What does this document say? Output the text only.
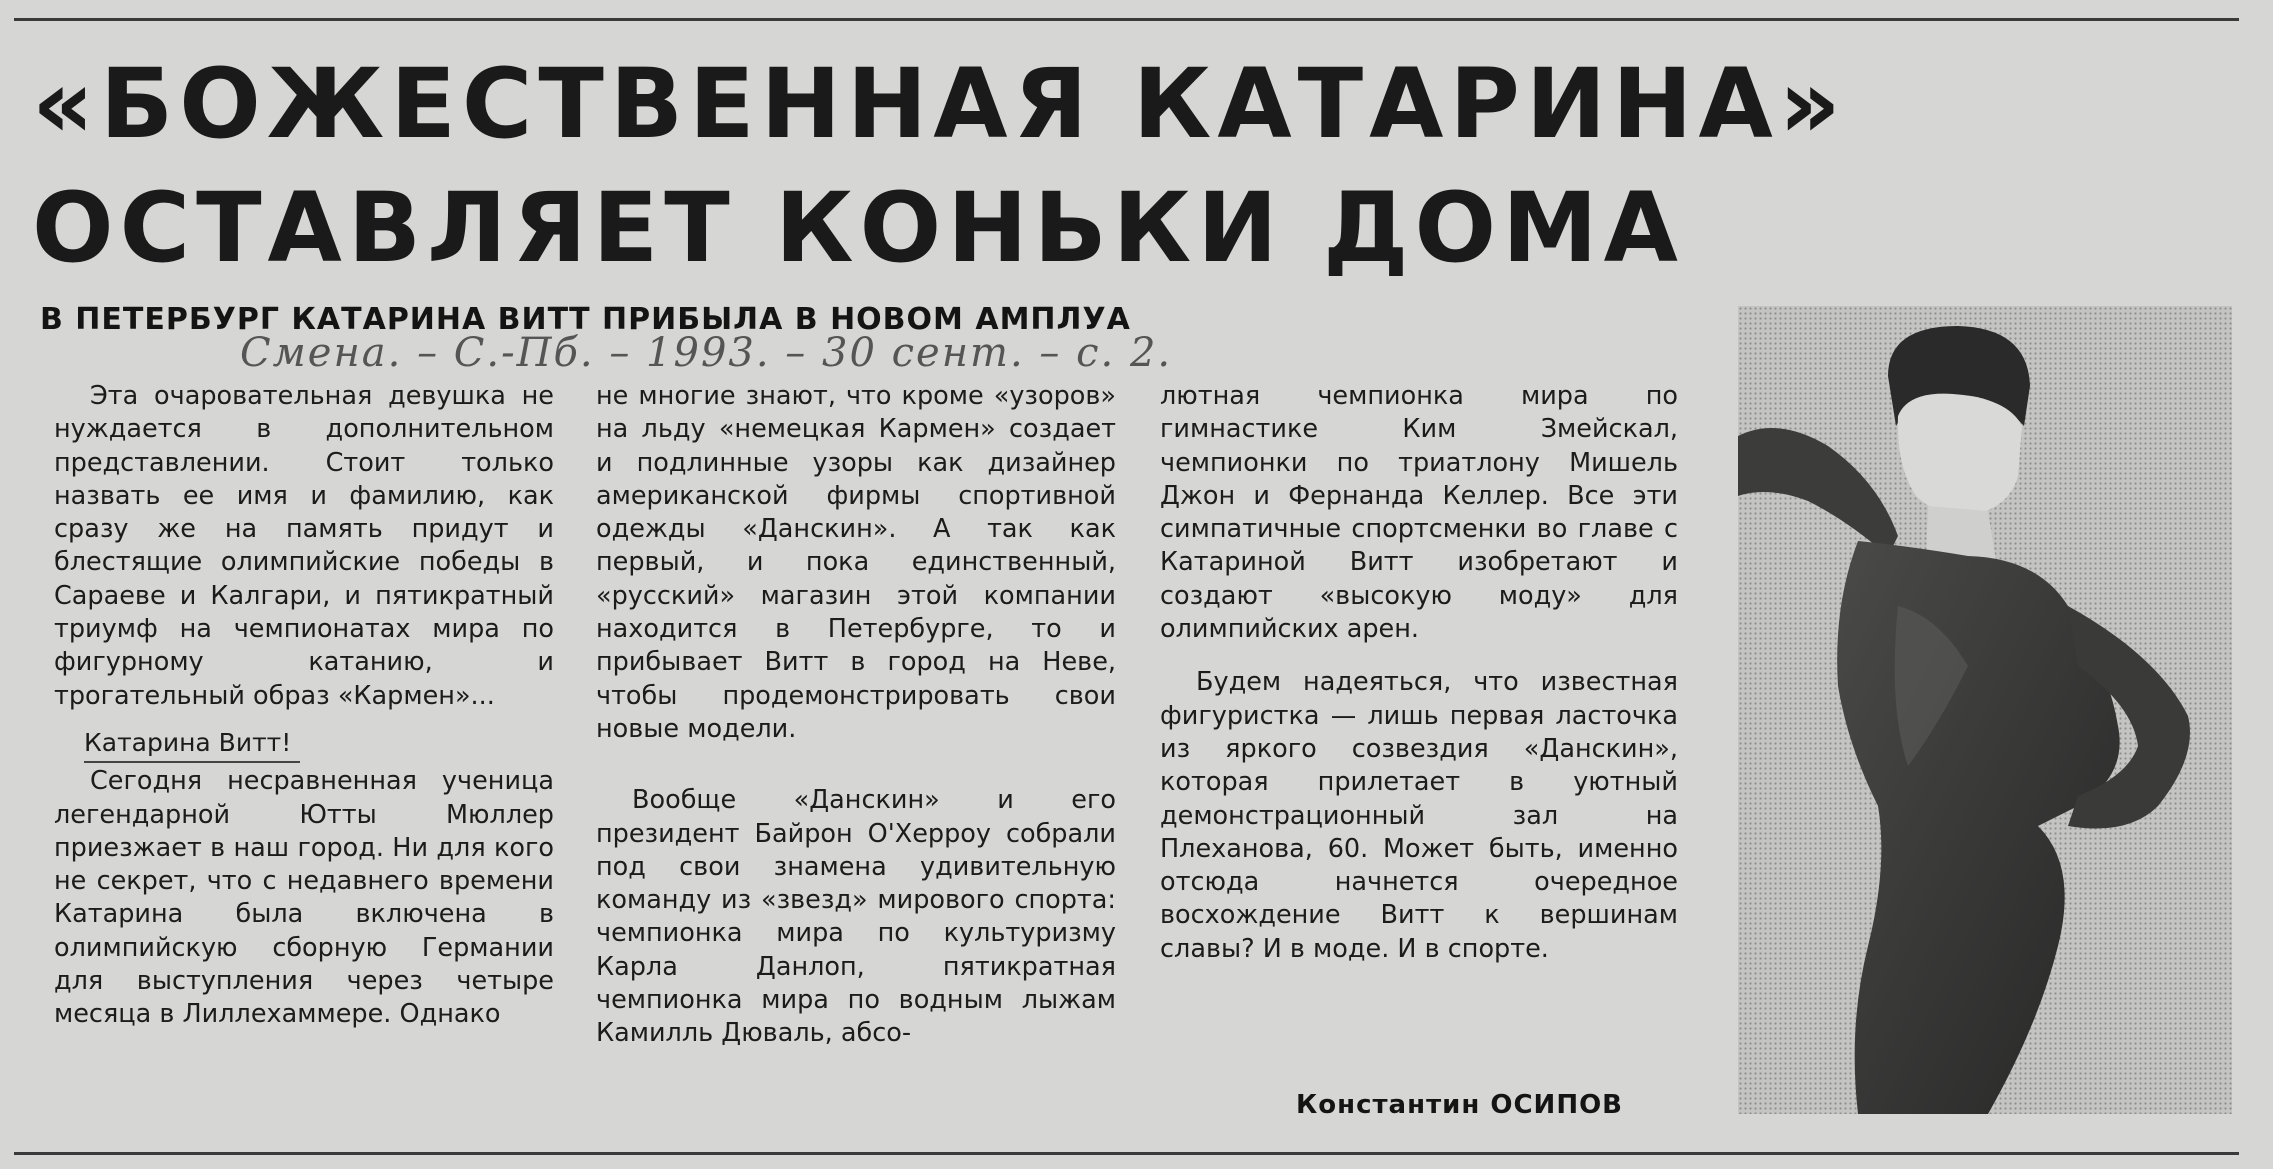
«БОЖЕСТВЕННАЯ КАТАРИНА»
ОСТАВЛЯЕТ КОНЬКИ ДОМА
В ПЕТЕРБУРГ КАТАРИНА ВИТТ ПРИБЫЛА В НОВОМ АМПЛУА
Смена. – С.-Пб. – 1993. – 30 сент. – с. 2.

Эта очаровательная девушка не нуждается в дополнительном представлении. Стоит только назвать ее имя и фамилию, как сразу же на память придут и блестящие олимпийские победы в Сараеве и Калгари, и пятикратный триумф на чемпионатах мира по фигурному катанию, и трогательный образ «Кармен»...

Катарина Витт!

Сегодня несравненная ученица легендарной Ютты Мюллер приезжает в наш город. Ни для кого не секрет, что с недавнего времени Катарина была включена в олимпийскую сборную Германии для выступления через четыре месяца в Лиллехаммере. Однако

не многие знают, что кроме «узоров» на льду «немецкая Кармен» создает и подлинные узоры как дизайнер американской фирмы спортивной одежды «Данскин». А так как первый, и пока единственный, «русский» магазин этой компании находится в Петербурге, то и прибывает Витт в город на Неве, чтобы продемонстрировать свои новые модели.

Вообще «Данскин» и его президент Байрон О'Херроу собрали под свои знамена удивительную команду из «звезд» мирового спорта: чемпионка мира по культуризму Карла Данлоп, пятикратная чемпионка мира по водным лыжам Камилль Дюваль, абсо-

лютная чемпионка мира по гимнастике Ким Змейскал, чемпионки по триатлону Мишель Джон и Фернанда Келлер. Все эти симпатичные спортсменки во главе с Катариной Витт изобретают и создают «высокую моду» для олимпийских арен.

Будем надеяться, что известная фигуристка — лишь первая ласточка из яркого созвездия «Данскин», которая прилетает в уютный демонстрационный зал на Плеханова, 60. Может быть, именно отсюда начнется очередное восхождение Витт к вершинам славы? И в моде. И в спорте.

Константин ОСИПОВ
